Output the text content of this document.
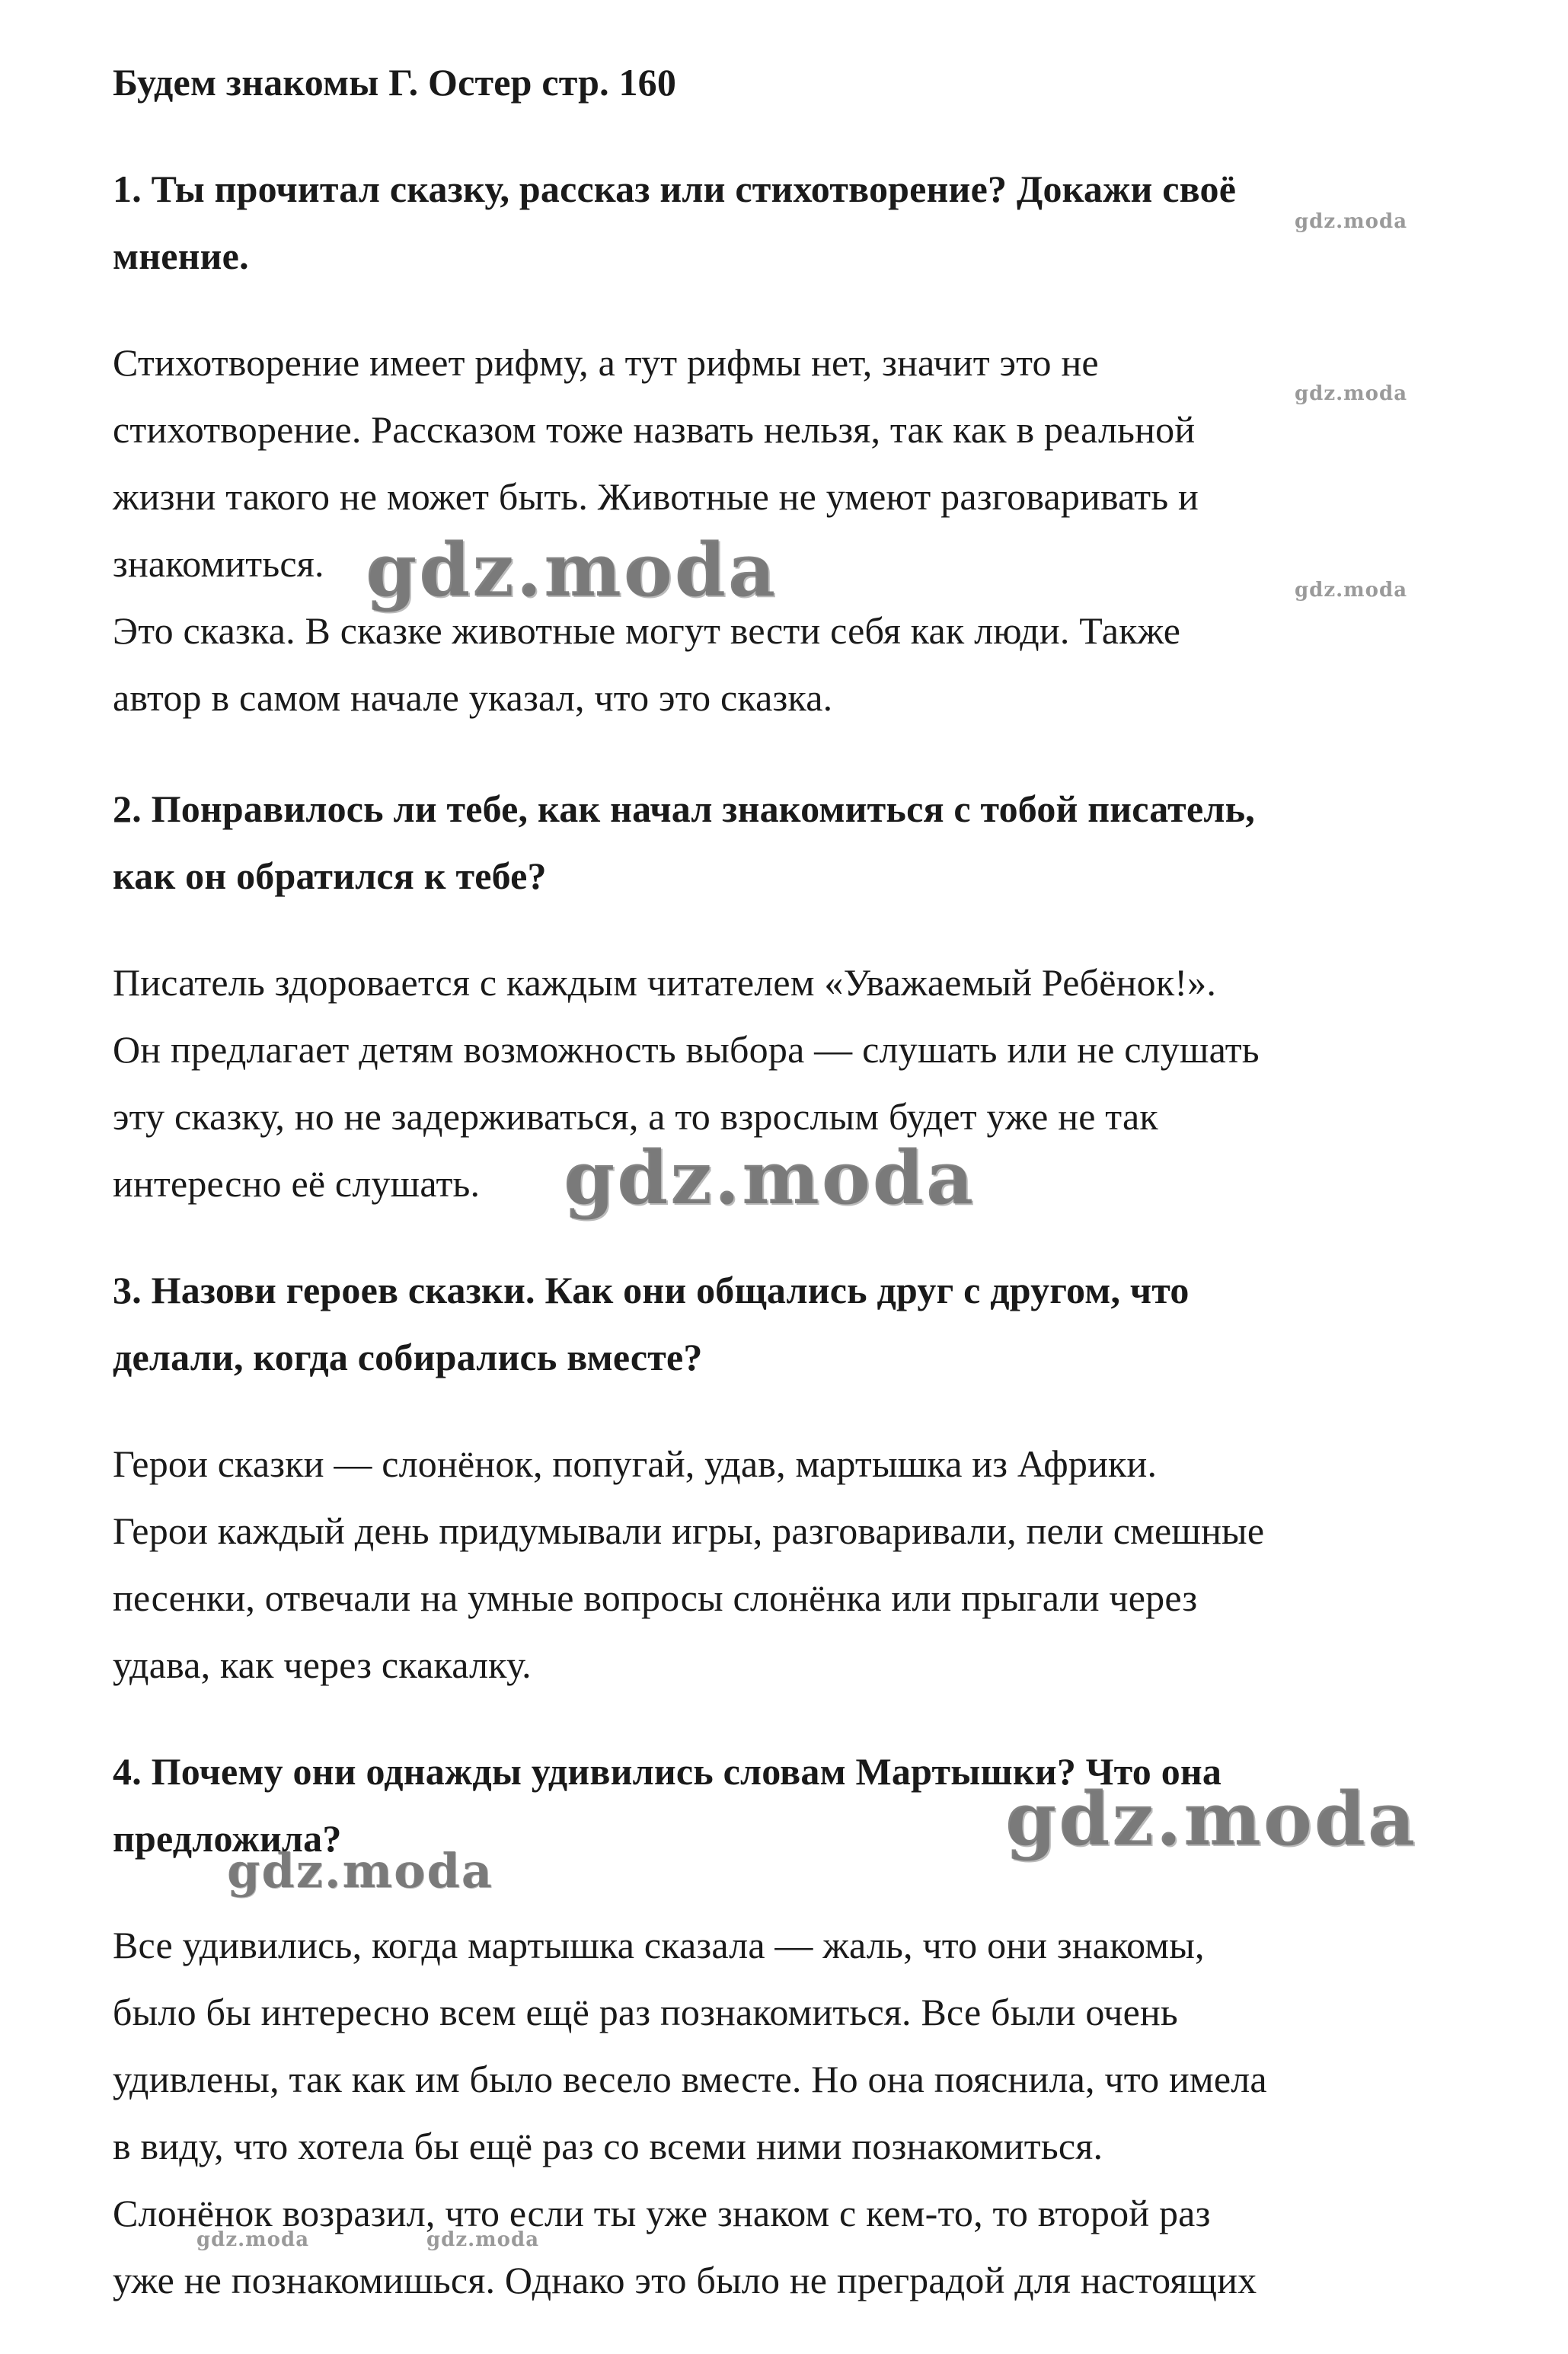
Будем знакомы Г. Остер стр. 160
1. Ты прочитал сказку, рассказ или стихотворение? Докажи своё
мнение.
Стихотворение имеет рифму, а тут рифмы нет, значит это не
стихотворение. Рассказом тоже назвать нельзя, так как в реальной
жизни такого не может быть. Животные не умеют разговаривать и
знакомиться.
Это сказка. В сказке животные могут вести себя как люди. Также
автор в самом начале указал, что это сказка.
2. Понравилось ли тебе, как начал знакомиться с тобой писатель,
как он обратился к тебе?
Писатель здоровается с каждым читателем «Уважаемый Ребёнок!».
Он предлагает детям возможность выбора — слушать или не слушать
эту сказку, но не задерживаться, а то взрослым будет уже не так
интересно её слушать.
3. Назови героев сказки. Как они общались друг с другом, что
делали, когда собирались вместе?
Герои сказки — слонёнок, попугай, удав, мартышка из Африки.
Герои каждый день придумывали игры, разговаривали, пели смешные
песенки, отвечали на умные вопросы слонёнка или прыгали через
удава, как через скакалку.
4. Почему они однажды удивились словам Мартышки? Что она
предложила?
Все удивились, когда мартышка сказала — жаль, что они знакомы,
было бы интересно всем ещё раз познакомиться. Все были очень
удивлены, так как им было весело вместе. Но она пояснила, что имела
в виду, что хотела бы ещё раз со всеми ними познакомиться.
Слонёнок возразил, что если ты уже знаком с кем-то, то второй раз
уже не познакомишься. Однако это было не преградой для настоящих
gdz.moda
gdz.moda
gdz.moda
gdz.moda
gdz.moda
gdz.moda
gdz.moda
gdz.moda	gdz.moda
